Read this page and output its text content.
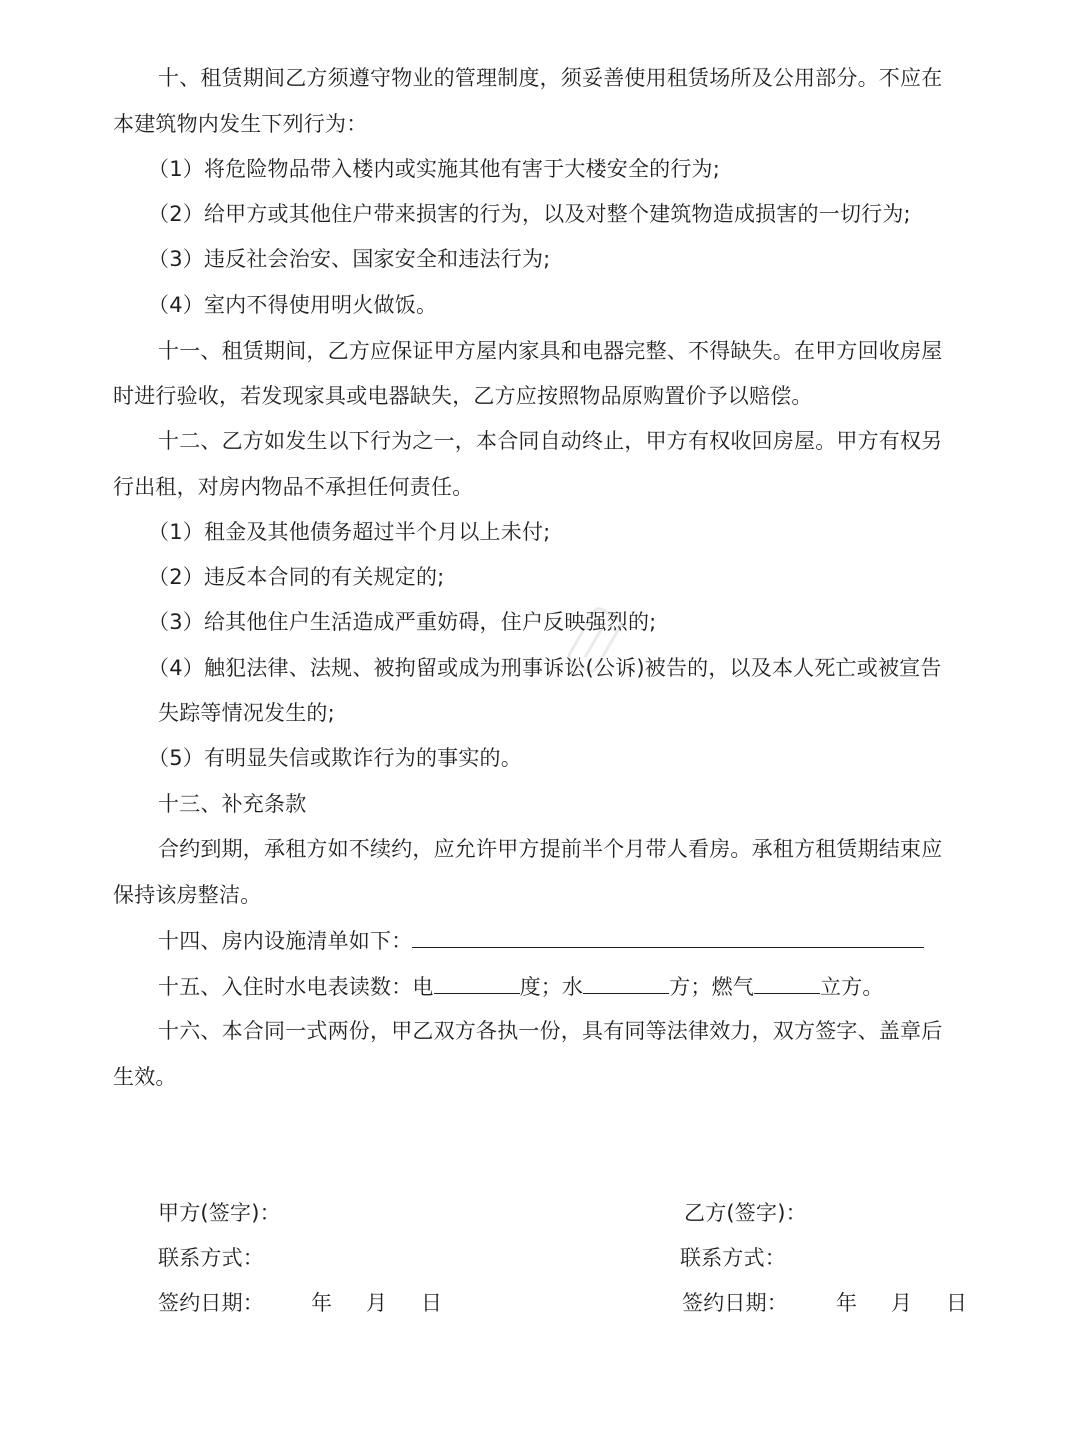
十、租赁期间乙方须遵守物业的管理制度，须妥善使用租赁场所及公用部分。不应在
本建筑物内发生下列行为：
（1）将危险物品带入楼内或实施其他有害于大楼安全的行为;
（2）给甲方或其他住户带来损害的行为，以及对整个建筑物造成损害的一切行为;
（3）违反社会治安、国家安全和违法行为;
（4）室内不得使用明火做饭。
十一、租赁期间，乙方应保证甲方屋内家具和电器完整、不得缺失。在甲方回收房屋
时进行验收，若发现家具或电器缺失，乙方应按照物品原购置价予以赔偿。
十二、乙方如发生以下行为之一，本合同自动终止，甲方有权收回房屋。甲方有权另
行出租，对房内物品不承担任何责任。
（1）租金及其他债务超过半个月以上未付;
（2）违反本合同的有关规定的;
（3）给其他住户生活造成严重妨碍，住户反映强烈的;
（4）触犯法律、法规、被拘留或成为刑事诉讼(公诉)被告的，以及本人死亡或被宣告
失踪等情况发生的;
（5）有明显失信或欺诈行为的事实的。
十三、补充条款
合约到期，承租方如不续约，应允许甲方提前半个月带人看房。承租方租赁期结束应
保持该房整洁。
十四、房内设施清单如下：
十五、入住时水电表读数：电	度；水	方；燃气	立方。
十六、本合同一式两份，甲乙双方各执一份，具有同等法律效力，双方签字、盖章后
生效。
甲方(签字)：
联系方式：
签约日期： 年 月 日
乙方(签字)：
联系方式：
签约日期： 年 月 日
